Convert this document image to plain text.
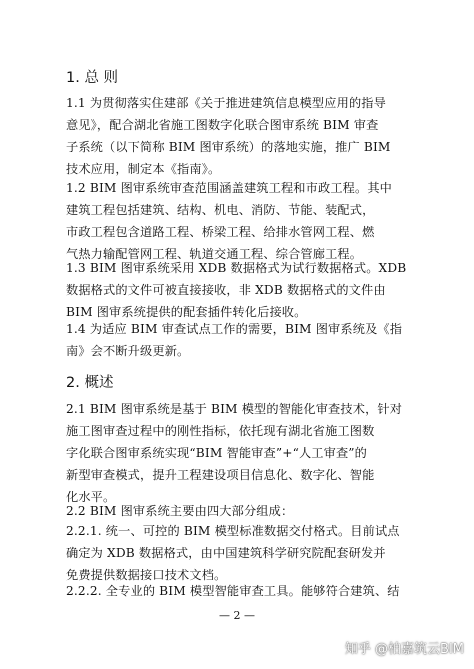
1. 总 则
1.1 为贯彻落实住建部《关于推进建筑信息模型应用的指导
意见》，配合湖北省施工图数字化联合图审系统 BIM 审查
子系统（以下简称 BIM 图审系统）的落地实施，推广 BIM
技术应用，制定本《指南》。
1.2 BIM 图审系统审查范围涵盖建筑工程和市政工程。其中
建筑工程包括建筑、结构、机电、消防、节能、装配式，
市政工程包含道路工程、桥梁工程、给排水管网工程、燃
气热力输配管网工程、轨道交通工程、综合管廊工程。
1.3 BIM 图审系统采用 XDB 数据格式为试行数据格式。XDB
数据格式的文件可被直接接收，非 XDB 数据格式的文件由
BIM 图审系统提供的配套插件转化后接收。
1.4 为适应 BIM 审查试点工作的需要，BIM 图审系统及《指
南》会不断升级更新。
2. 概述
2.1 BIM 图审系统是基于 BIM 模型的智能化审查技术，针对
施工图审查过程中的刚性指标，依托现有湖北省施工图数
字化联合图审系统实现“BIM 智能审查”+“人工审查”的
新型审查模式，提升工程建设项目信息化、数字化、智能
化水平。
2.2 BIM 图审系统主要由四大部分组成：
2.2.1. 统一、可控的 BIM 模型标准数据交付格式。目前试点
确定为 XDB 数据格式，由中国建筑科学研究院配套研发并
免费提供数据接口技术文档。
2.2.2. 全专业的 BIM 模型智能审查工具。能够符合建筑、结
— 2 —
知乎 @柏嘉筑云BIM
